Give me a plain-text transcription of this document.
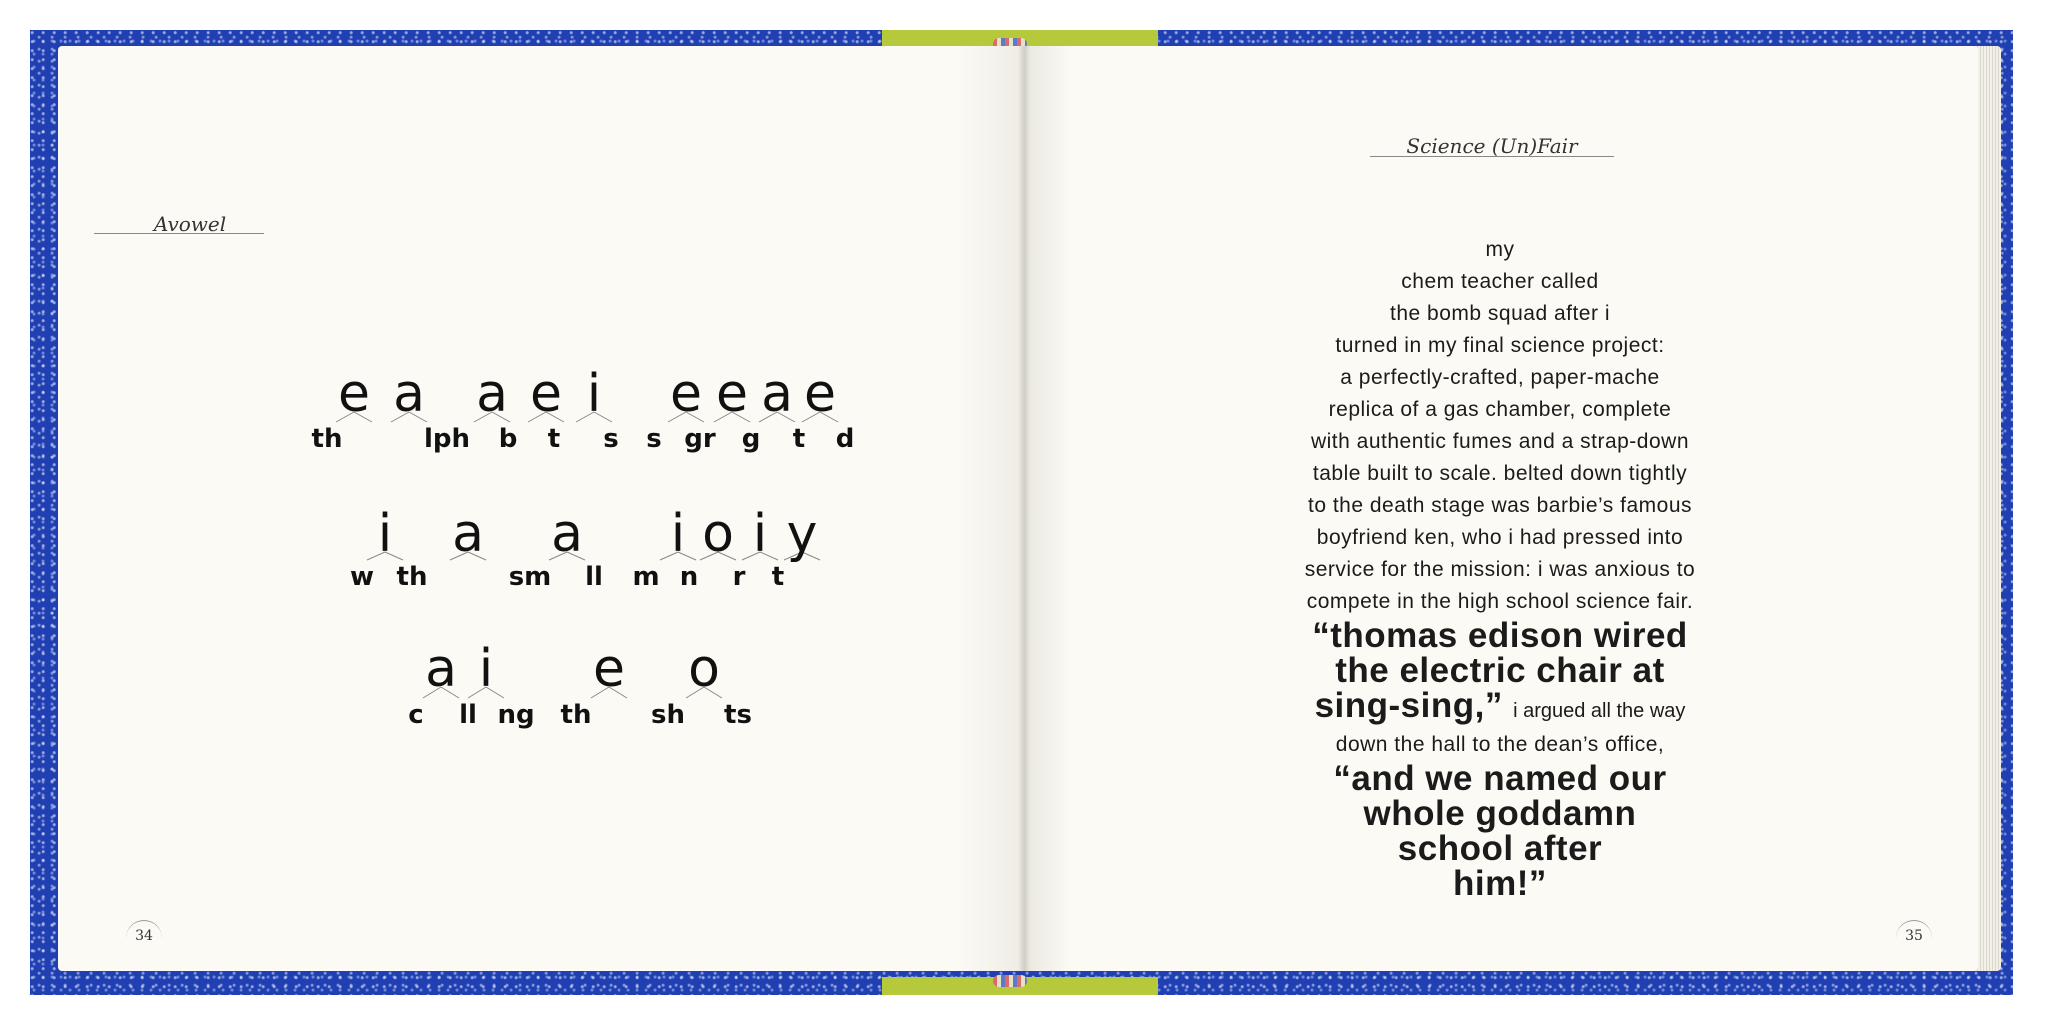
Avowel
Science (Un)Fair
e a a e i e e a e
th	lph b t s s gr g t d
i a a i o i y
w th	sm ll m n r t
a i e o
c ll ng th sh ts
my
chem teacher called
the bomb squad after i
turned in my final science project:
a perfectly-crafted, paper-mache
replica of a gas chamber, complete
with authentic fumes and a strap-down
table built to scale. belted down tightly
to the death stage was barbie’s famous
boyfriend ken, who i had pressed into
service for the mission: i was anxious to
compete in the high school science fair.
“thomas edison wired
the electric chair at
sing-sing,” i argued all the way
down the hall to the dean’s office,
“and we named our
whole goddamn
school after
him!”
34	35
